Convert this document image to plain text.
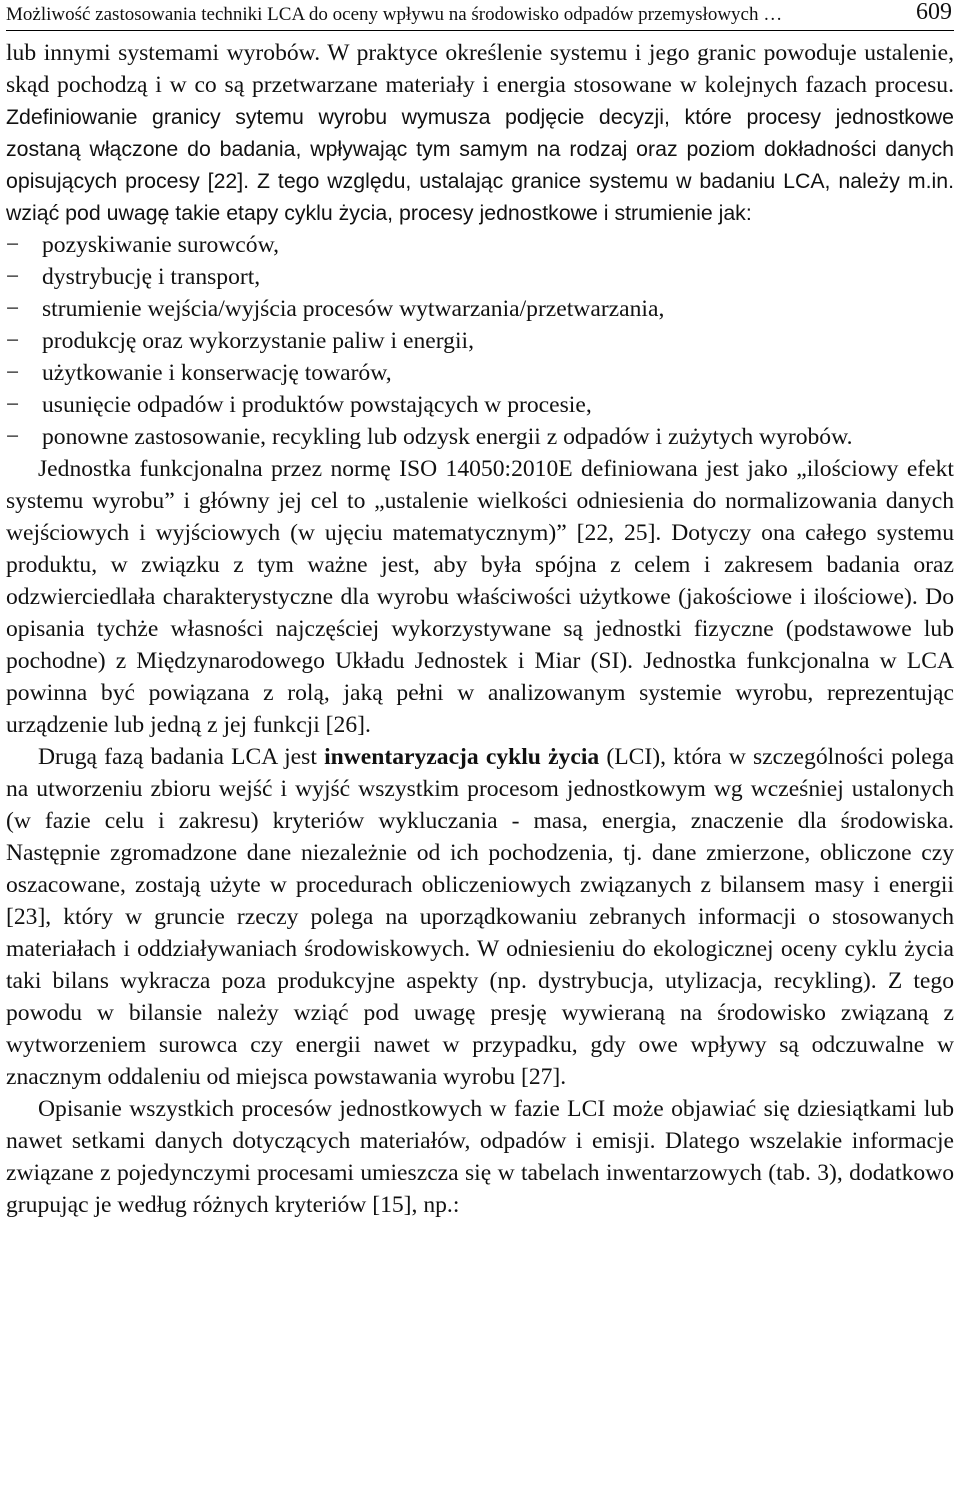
Możliwość zastosowania techniki LCA do oceny wpływu na środowisko odpadów przemysłowych …	609

lub innymi systemami wyrobów. W praktyce określenie systemu i jego granic powoduje ustalenie, skąd pochodzą i w co są przetwarzane materiały i energia stosowane w kolejnych fazach procesu. Zdefiniowanie granicy sytemu wyrobu wymusza podjęcie decyzji, które procesy jednostkowe zostaną włączone do badania, wpływając tym samym na rodzaj oraz poziom dokładności danych opisujących procesy [22]. Z tego względu, ustalając granice systemu w badaniu LCA, należy m.in. wziąć pod uwagę takie etapy cyklu życia, procesy jednostkowe i strumienie jak:

− pozyskiwanie surowców,
− dystrybucję i transport,
− strumienie wejścia/wyjścia procesów wytwarzania/przetwarzania,
− produkcję oraz wykorzystanie paliw i energii,
− użytkowanie i konserwację towarów,
− usunięcie odpadów i produktów powstających w procesie,
− ponowne zastosowanie, recykling lub odzysk energii z odpadów i zużytych wyrobów.

Jednostka funkcjonalna przez normę ISO 14050:2010E definiowana jest jako „ilościowy efekt systemu wyrobu” i główny jej cel to „ustalenie wielkości odniesienia do normalizowania danych wejściowych i wyjściowych (w ujęciu matematycznym)” [22, 25]. Dotyczy ona całego systemu produktu, w związku z tym ważne jest, aby była spójna z celem i zakresem badania oraz odzwierciedlała charakterystyczne dla wyrobu właściwości użytkowe (jakościowe i ilościowe). Do opisania tychże własności najczęściej wykorzystywane są jednostki fizyczne (podstawowe lub pochodne) z Międzynarodowego Układu Jednostek i Miar (SI). Jednostka funkcjonalna w LCA powinna być powiązana z rolą, jaką pełni w analizowanym systemie wyrobu, reprezentując urządzenie lub jedną z jej funkcji [26].

Drugą fazą badania LCA jest inwentaryzacja cyklu życia (LCI), która w szczególności polega na utworzeniu zbioru wejść i wyjść wszystkim procesom jednostkowym wg wcześniej ustalonych (w fazie celu i zakresu) kryteriów wykluczania - masa, energia, znaczenie dla środowiska. Następnie zgromadzone dane niezależnie od ich pochodzenia, tj. dane zmierzone, obliczone czy oszacowane, zostają użyte w procedurach obliczeniowych związanych z bilansem masy i energii [23], który w gruncie rzeczy polega na uporządkowaniu zebranych informacji o stosowanych materiałach i oddziaływaniach środowiskowych. W odniesieniu do ekologicznej oceny cyklu życia taki bilans wykracza poza produkcyjne aspekty (np. dystrybucja, utylizacja, recykling). Z tego powodu w bilansie należy wziąć pod uwagę presję wywieraną na środowisko związaną z wytworzeniem surowca czy energii nawet w przypadku, gdy owe wpływy są odczuwalne w znacznym oddaleniu od miejsca powstawania wyrobu [27].

Opisanie wszystkich procesów jednostkowych w fazie LCI może objawiać się dziesiątkami lub nawet setkami danych dotyczących materiałów, odpadów i emisji. Dlatego wszelakie informacje związane z pojedynczymi procesami umieszcza się w tabelach inwentarzowych (tab. 3), dodatkowo grupując je według różnych kryteriów [15], np.:
